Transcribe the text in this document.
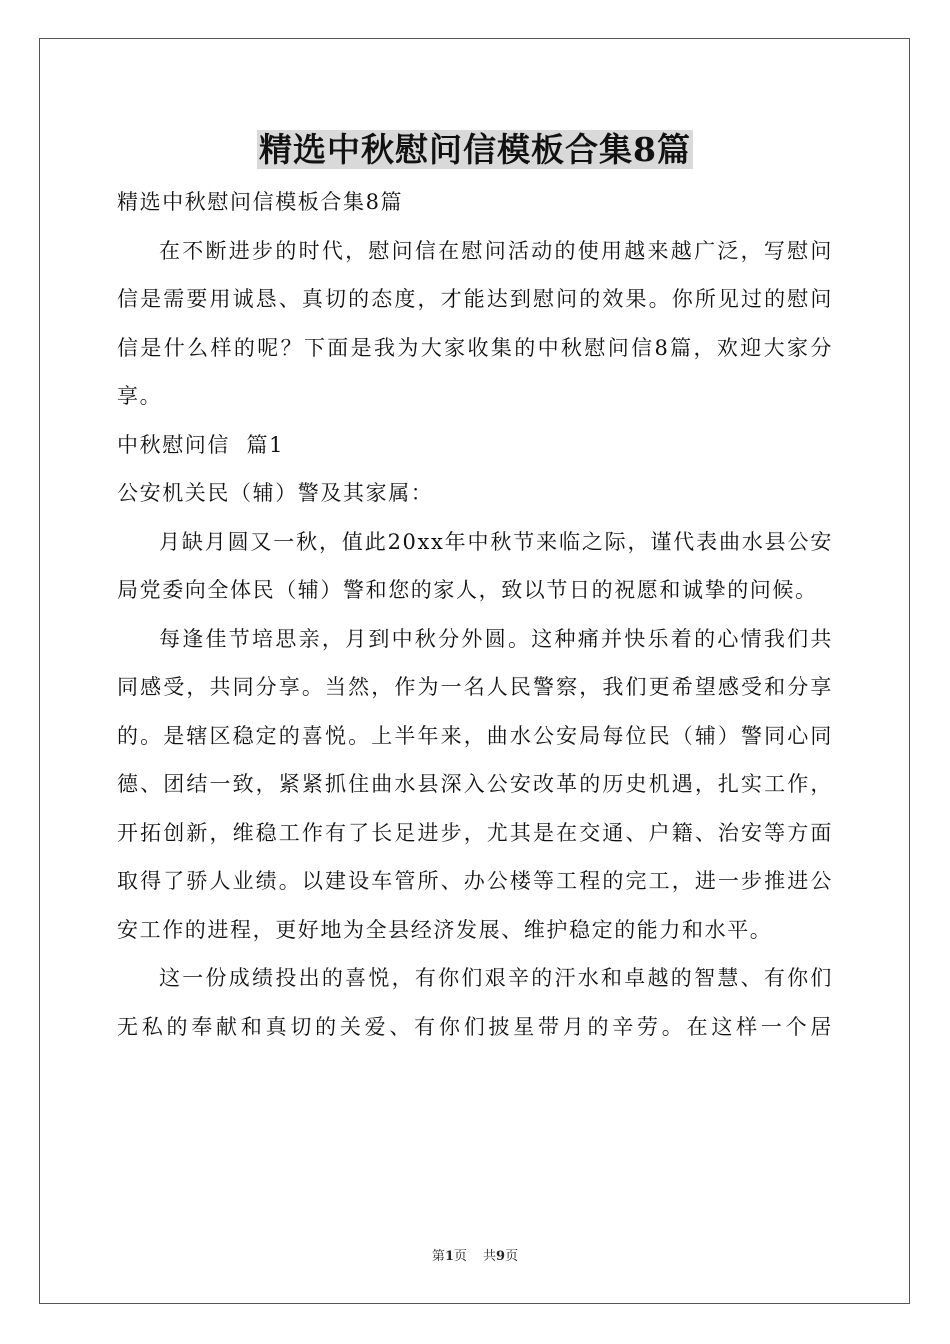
精选中秋慰问信模板合集8篇

精选中秋慰问信模板合集8篇

在不断进步的时代，慰问信在慰问活动的使用越来越广泛，写慰问信是需要用诚恳、真切的态度，才能达到慰问的效果。你所见过的慰问信是什么样的呢？下面是我为大家收集的中秋慰问信8篇，欢迎大家分享。

中秋慰问信  篇1

公安机关民（辅）警及其家属：

月缺月圆又一秋，值此20xx年中秋节来临之际，谨代表曲水县公安局党委向全体民（辅）警和您的家人，致以节日的祝愿和诚挚的问候。

每逢佳节培思亲，月到中秋分外圆。这种痛并快乐着的心情我们共同感受，共同分享。当然，作为一名人民警察，我们更希望感受和分享的。是辖区稳定的喜悦。上半年来，曲水公安局每位民（辅）警同心同德、团结一致，紧紧抓住曲水县深入公安改革的历史机遇，扎实工作，开拓创新，维稳工作有了长足进步，尤其是在交通、户籍、治安等方面取得了骄人业绩。以建设车管所、办公楼等工程的完工，进一步推进公安工作的进程，更好地为全县经济发展、维护稳定的能力和水平。

这一份成绩投出的喜悦，有你们艰辛的汗水和卓越的智慧、有你们无私的奉献和真切的关爱、有你们披星带月的辛劳。在这样一个居

第1页 共9页
